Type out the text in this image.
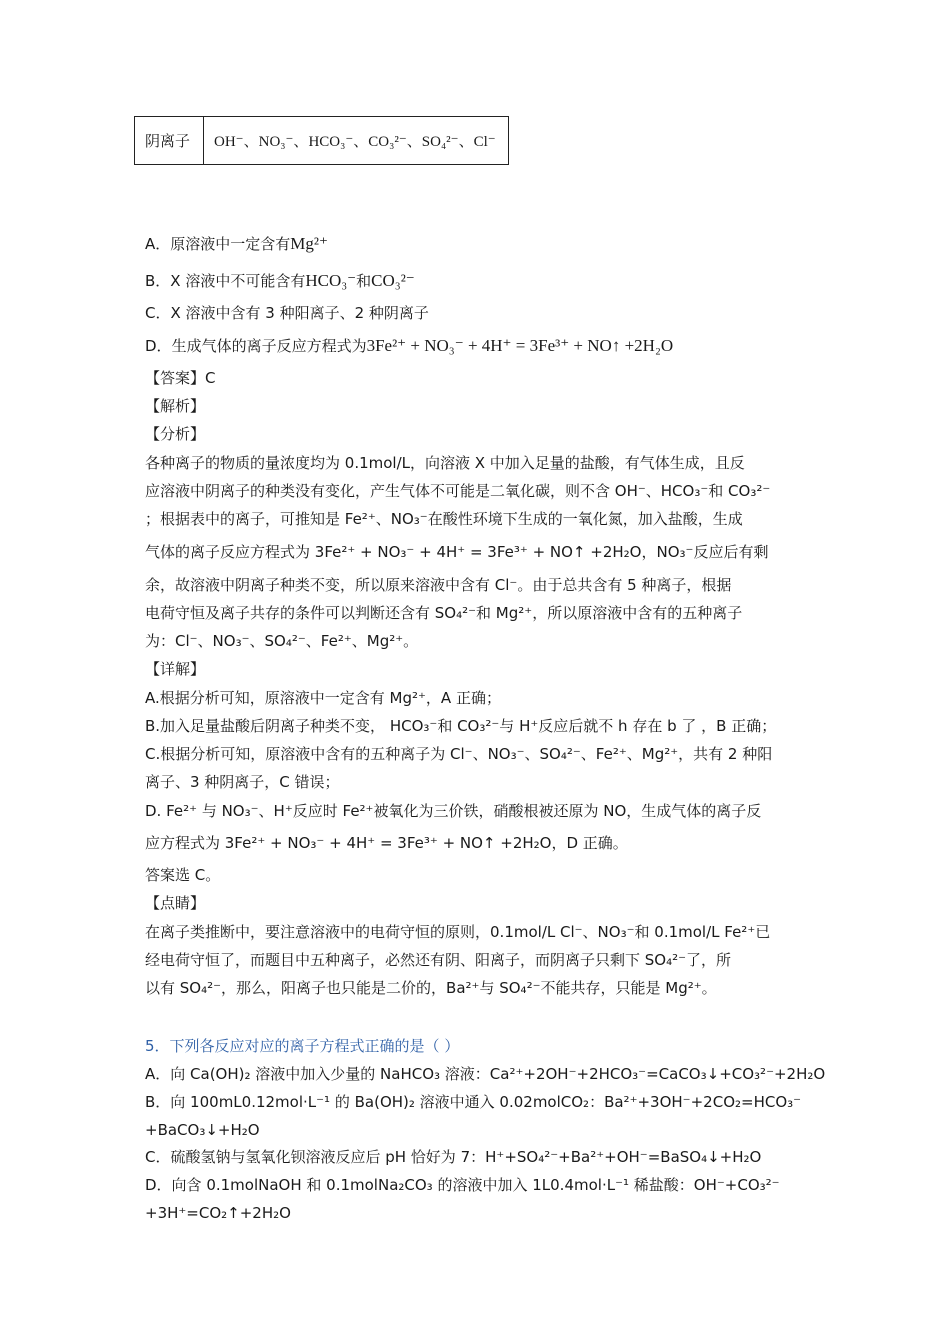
阴离子	OH⁻、NO₃⁻、HCO₃⁻、CO₃²⁻、SO₄²⁻、Cl⁻
A．原溶液中一定含有Mg²⁺
B．X 溶液中不可能含有HCO₃⁻和CO₃²⁻
C．X 溶液中含有 3 种阳离子、2 种阴离子
D．生成气体的离子反应方程式为3Fe²⁺ + NO₃⁻ + 4H⁺ = 3Fe³⁺ + NO↑ +2H₂O
【答案】C
【解析】
【分析】
各种离子的物质的量浓度均为 0.1mol/L，向溶液 X 中加入足量的盐酸，有气体生成，且反
应溶液中阴离子的种类没有变化，产生气体不可能是二氧化碳，则不含 OH⁻、HCO₃⁻和 CO₃²⁻
；根据表中的离子，可推知是 Fe²⁺、NO₃⁻在酸性环境下生成的一氧化氮，加入盐酸，生成
气体的离子反应方程式为 3Fe²⁺ + NO₃⁻ + 4H⁺ = 3Fe³⁺ + NO↑ +2H₂O，NO₃⁻反应后有剩
余，故溶液中阴离子种类不变，所以原来溶液中含有 Cl⁻。由于总共含有 5 种离子，根据
电荷守恒及离子共存的条件可以判断还含有 SO₄²⁻和 Mg²⁺，所以原溶液中含有的五种离子
为：Cl⁻、NO₃⁻、SO₄²⁻、Fe²⁺、Mg²⁺。
【详解】
A.根据分析可知，原溶液中一定含有 Mg²⁺，A 正确；
B.加入足量盐酸后阴离子种类不变， HCO₃⁻和 CO₃²⁻与 H⁺反应后就不 h 存在 b 了 ，B 正确；
C.根据分析可知，原溶液中含有的五种离子为 Cl⁻、NO₃⁻、SO₄²⁻、Fe²⁺、Mg²⁺，共有 2 种阳
离子、3 种阴离子，C 错误；
D. Fe²⁺ 与 NO₃⁻、H⁺反应时 Fe²⁺被氧化为三价铁，硝酸根被还原为 NO，生成气体的离子反
应方程式为 3Fe²⁺ + NO₃⁻ + 4H⁺ = 3Fe³⁺ + NO↑ +2H₂O，D 正确。
答案选 C。
【点睛】
在离子类推断中，要注意溶液中的电荷守恒的原则，0.1mol/L Cl⁻、NO₃⁻和 0.1mol/L Fe²⁺已
经电荷守恒了，而题目中五种离子，必然还有阴、阳离子，而阴离子只剩下 SO₄²⁻了，所
以有 SO₄²⁻，那么，阳离子也只能是二价的，Ba²⁺与 SO₄²⁻不能共存，只能是 Mg²⁺。
5．下列各反应对应的离子方程式正确的是（ ）
A．向 Ca(OH)₂ 溶液中加入少量的 NaHCO₃ 溶液：Ca²⁺+2OH⁻+2HCO₃⁻=CaCO₃↓+CO₃²⁻+2H₂O
B．向 100mL0.12mol·L⁻¹ 的 Ba(OH)₂ 溶液中通入 0.02molCO₂：Ba²⁺+3OH⁻+2CO₂=HCO₃⁻
+BaCO₃↓+H₂O
C．硫酸氢钠与氢氧化钡溶液反应后 pH 恰好为 7：H⁺+SO₄²⁻+Ba²⁺+OH⁻=BaSO₄↓+H₂O
D．向含 0.1molNaOH 和 0.1molNa₂CO₃ 的溶液中加入 1L0.4mol·L⁻¹ 稀盐酸：OH⁻+CO₃²⁻
+3H⁺=CO₂↑+2H₂O
